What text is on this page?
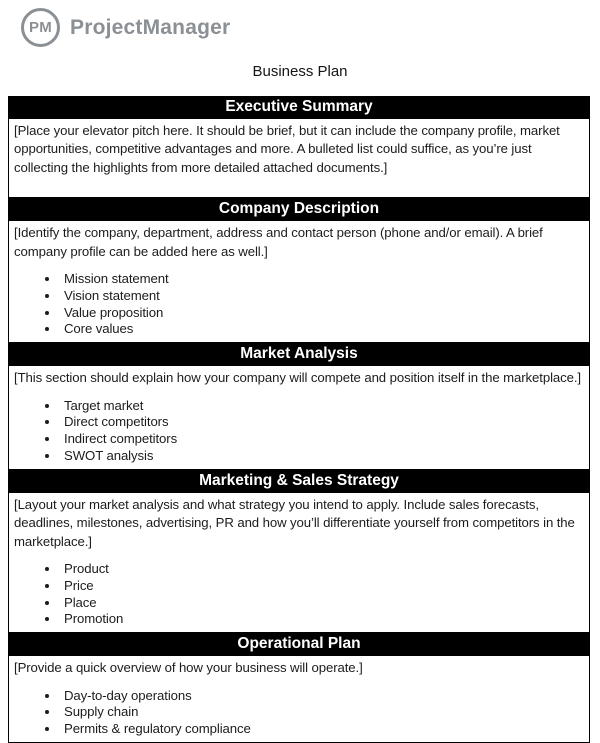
PM ProjectManager
Business Plan
Executive Summary

[Place your elevator pitch here. It should be brief, but it can include the company profile, market opportunities, competitive advantages and more. A bulleted list could suffice, as you’re just collecting the highlights from more detailed attached documents.]

Company Description

[Identify the company, department, address and contact person (phone and/or email). A brief company profile can be added here as well.]

• Mission statement
• Vision statement
• Value proposition
• Core values
Market Analysis

[This section should explain how your company will compete and position itself in the marketplace.]

• Target market
• Direct competitors
• Indirect competitors
• SWOT analysis
Marketing & Sales Strategy

[Layout your market analysis and what strategy you intend to apply. Include sales forecasts, deadlines, milestones, advertising, PR and how you’ll differentiate yourself from competitors in the marketplace.]

• Product
• Price
• Place
• Promotion
Operational Plan

[Provide a quick overview of how your business will operate.]

• Day-to-day operations
• Supply chain
• Permits & regulatory compliance
